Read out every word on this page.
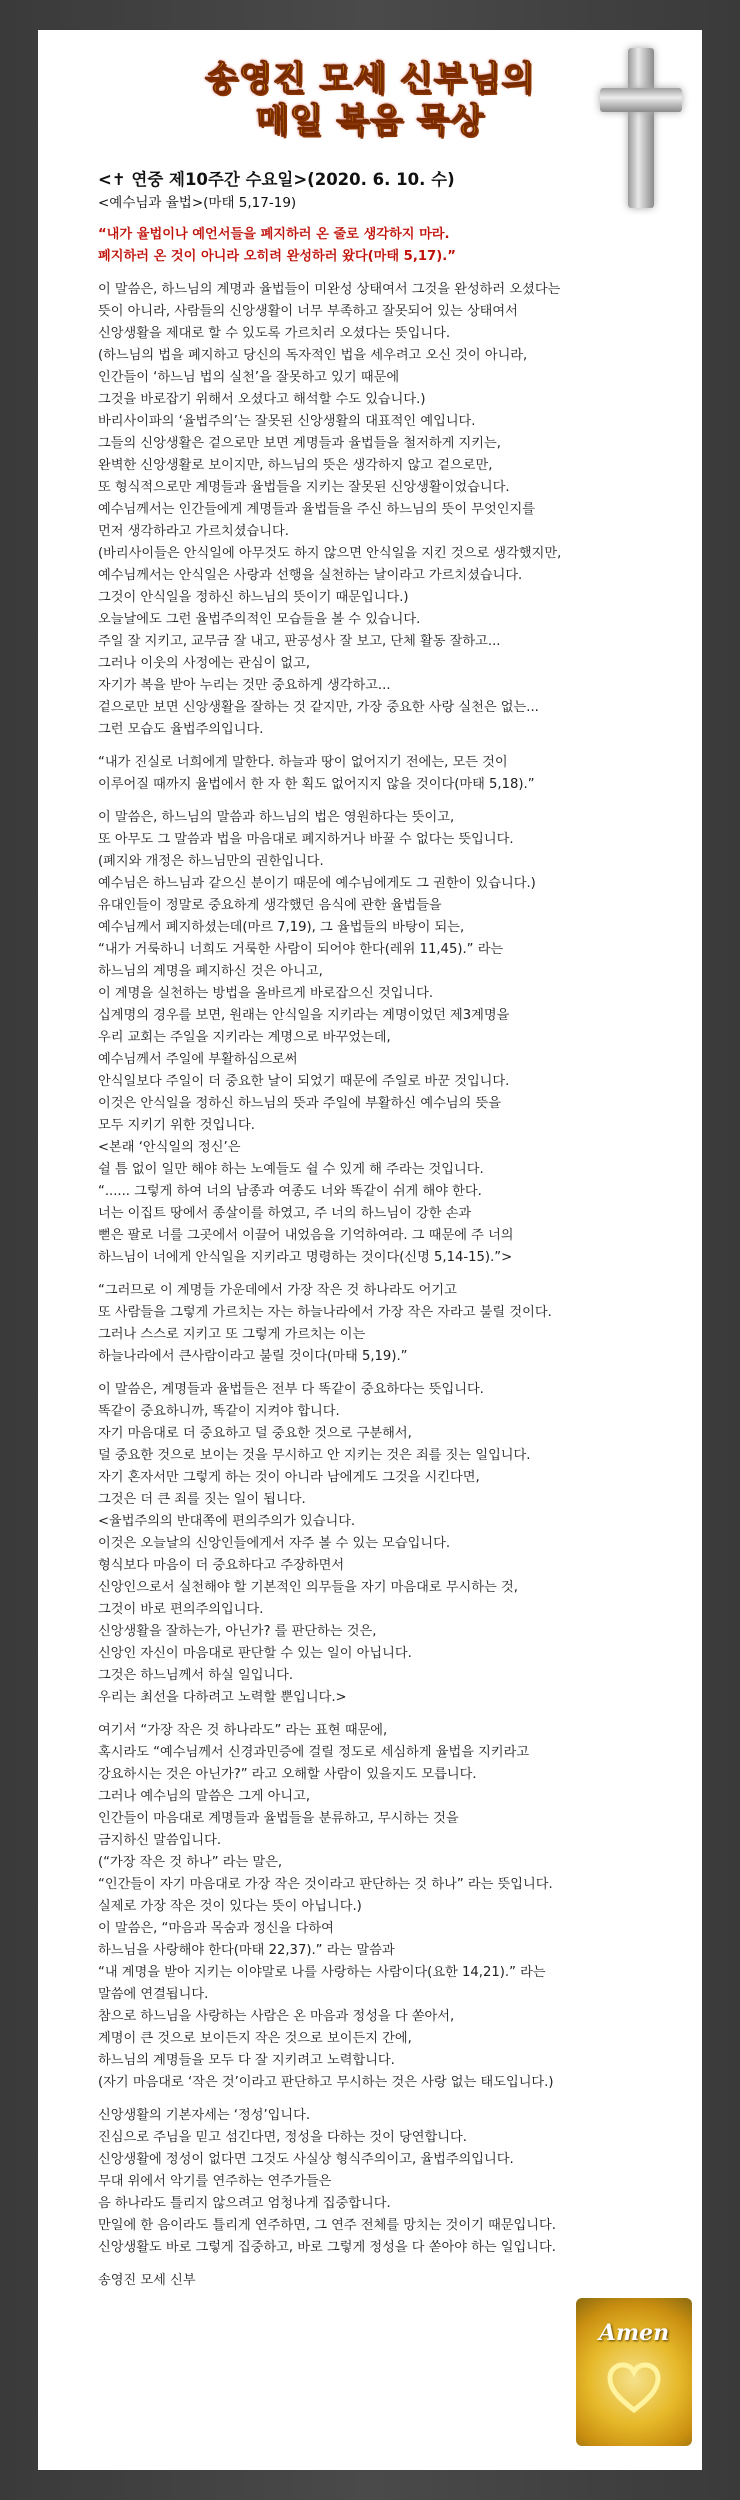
송영진 모세 신부님의
매일 복음 묵상

<✝ 연중 제10주간 수요일>(2020. 6. 10. 수)

<예수님과 율법>(마태 5,17-19)

“내가 율법이나 예언서들을 폐지하러 온 줄로 생각하지 마라.
폐지하러 온 것이 아니라 오히려 완성하러 왔다(마태 5,17).”

이 말씀은, 하느님의 계명과 율법들이 미완성 상태여서 그것을 완성하러 오셨다는
뜻이 아니라, 사람들의 신앙생활이 너무 부족하고 잘못되어 있는 상태여서
신앙생활을 제대로 할 수 있도록 가르치러 오셨다는 뜻입니다.
(하느님의 법을 폐지하고 당신의 독자적인 법을 세우려고 오신 것이 아니라,
인간들이 ‘하느님 법의 실천’을 잘못하고 있기 때문에
그것을 바로잡기 위해서 오셨다고 해석할 수도 있습니다.)
바리사이파의 ‘율법주의’는 잘못된 신앙생활의 대표적인 예입니다.
그들의 신앙생활은 겉으로만 보면 계명들과 율법들을 철저하게 지키는,
완벽한 신앙생활로 보이지만, 하느님의 뜻은 생각하지 않고 겉으로만,
또 형식적으로만 계명들과 율법들을 지키는 잘못된 신앙생활이었습니다.
예수님께서는 인간들에게 계명들과 율법들을 주신 하느님의 뜻이 무엇인지를
먼저 생각하라고 가르치셨습니다.
(바리사이들은 안식일에 아무것도 하지 않으면 안식일을 지킨 것으로 생각했지만,
예수님께서는 안식일은 사랑과 선행을 실천하는 날이라고 가르치셨습니다.
그것이 안식일을 정하신 하느님의 뜻이기 때문입니다.)
오늘날에도 그런 율법주의적인 모습들을 볼 수 있습니다.
주일 잘 지키고, 교무금 잘 내고, 판공성사 잘 보고, 단체 활동 잘하고...
그러나 이웃의 사정에는 관심이 없고,
자기가 복을 받아 누리는 것만 중요하게 생각하고...
겉으로만 보면 신앙생활을 잘하는 것 같지만, 가장 중요한 사랑 실천은 없는...
그런 모습도 율법주의입니다.

“내가 진실로 너희에게 말한다. 하늘과 땅이 없어지기 전에는, 모든 것이
이루어질 때까지 율법에서 한 자 한 획도 없어지지 않을 것이다(마태 5,18).”

이 말씀은, 하느님의 말씀과 하느님의 법은 영원하다는 뜻이고,
또 아무도 그 말씀과 법을 마음대로 폐지하거나 바꿀 수 없다는 뜻입니다.
(폐지와 개정은 하느님만의 권한입니다.
예수님은 하느님과 같으신 분이기 때문에 예수님에게도 그 권한이 있습니다.)
유대인들이 정말로 중요하게 생각했던 음식에 관한 율법들을
예수님께서 폐지하셨는데(마르 7,19), 그 율법들의 바탕이 되는,
“내가 거룩하니 너희도 거룩한 사람이 되어야 한다(레위 11,45).” 라는
하느님의 계명을 폐지하신 것은 아니고,
이 계명을 실천하는 방법을 올바르게 바로잡으신 것입니다.
십계명의 경우를 보면, 원래는 안식일을 지키라는 계명이었던 제3계명을
우리 교회는 주일을 지키라는 계명으로 바꾸었는데,
예수님께서 주일에 부활하심으로써
안식일보다 주일이 더 중요한 날이 되었기 때문에 주일로 바꾼 것입니다.
이것은 안식일을 정하신 하느님의 뜻과 주일에 부활하신 예수님의 뜻을
모두 지키기 위한 것입니다.
<본래 ‘안식일의 정신’은
쉴 틈 없이 일만 해야 하는 노예들도 쉴 수 있게 해 주라는 것입니다.
“...... 그렇게 하여 너의 남종과 여종도 너와 똑같이 쉬게 해야 한다.
너는 이집트 땅에서 종살이를 하였고, 주 너의 하느님이 강한 손과
뻗은 팔로 너를 그곳에서 이끌어 내었음을 기억하여라. 그 때문에 주 너의
하느님이 너에게 안식일을 지키라고 명령하는 것이다(신명 5,14-15).”>

“그러므로 이 계명들 가운데에서 가장 작은 것 하나라도 어기고
또 사람들을 그렇게 가르치는 자는 하늘나라에서 가장 작은 자라고 불릴 것이다.
그러나 스스로 지키고 또 그렇게 가르치는 이는
하늘나라에서 큰사람이라고 불릴 것이다(마태 5,19).”

이 말씀은, 계명들과 율법들은 전부 다 똑같이 중요하다는 뜻입니다.
똑같이 중요하니까, 똑같이 지켜야 합니다.
자기 마음대로 더 중요하고 덜 중요한 것으로 구분해서,
덜 중요한 것으로 보이는 것을 무시하고 안 지키는 것은 죄를 짓는 일입니다.
자기 혼자서만 그렇게 하는 것이 아니라 남에게도 그것을 시킨다면,
그것은 더 큰 죄를 짓는 일이 됩니다.
<율법주의의 반대쪽에 편의주의가 있습니다.
이것은 오늘날의 신앙인들에게서 자주 볼 수 있는 모습입니다.
형식보다 마음이 더 중요하다고 주장하면서
신앙인으로서 실천해야 할 기본적인 의무들을 자기 마음대로 무시하는 것,
그것이 바로 편의주의입니다.
신앙생활을 잘하는가, 아닌가? 를 판단하는 것은,
신앙인 자신이 마음대로 판단할 수 있는 일이 아닙니다.
그것은 하느님께서 하실 일입니다.
우리는 최선을 다하려고 노력할 뿐입니다.>

여기서 “가장 작은 것 하나라도” 라는 표현 때문에,
혹시라도 “예수님께서 신경과민증에 걸릴 정도로 세심하게 율법을 지키라고
강요하시는 것은 아닌가?” 라고 오해할 사람이 있을지도 모릅니다.
그러나 예수님의 말씀은 그게 아니고,
인간들이 마음대로 계명들과 율법들을 분류하고, 무시하는 것을
금지하신 말씀입니다.
(“가장 작은 것 하나” 라는 말은,
“인간들이 자기 마음대로 가장 작은 것이라고 판단하는 것 하나” 라는 뜻입니다.
실제로 가장 작은 것이 있다는 뜻이 아닙니다.)
이 말씀은, “마음과 목숨과 정신을 다하여
하느님을 사랑해야 한다(마태 22,37).” 라는 말씀과
“내 계명을 받아 지키는 이야말로 나를 사랑하는 사람이다(요한 14,21).” 라는
말씀에 연결됩니다.
참으로 하느님을 사랑하는 사람은 온 마음과 정성을 다 쏟아서,
계명이 큰 것으로 보이든지 작은 것으로 보이든지 간에,
하느님의 계명들을 모두 다 잘 지키려고 노력합니다.
(자기 마음대로 ‘작은 것’이라고 판단하고 무시하는 것은 사랑 없는 태도입니다.)

신앙생활의 기본자세는 ‘정성’입니다.
진심으로 주님을 믿고 섬긴다면, 정성을 다하는 것이 당연합니다.
신앙생활에 정성이 없다면 그것도 사실상 형식주의이고, 율법주의입니다.
무대 위에서 악기를 연주하는 연주가들은
음 하나라도 틀리지 않으려고 엄청나게 집중합니다.
만일에 한 음이라도 틀리게 연주하면, 그 연주 전체를 망치는 것이기 때문입니다.
신앙생활도 바로 그렇게 집중하고, 바로 그렇게 정성을 다 쏟아야 하는 일입니다.

송영진 모세 신부

Amen
